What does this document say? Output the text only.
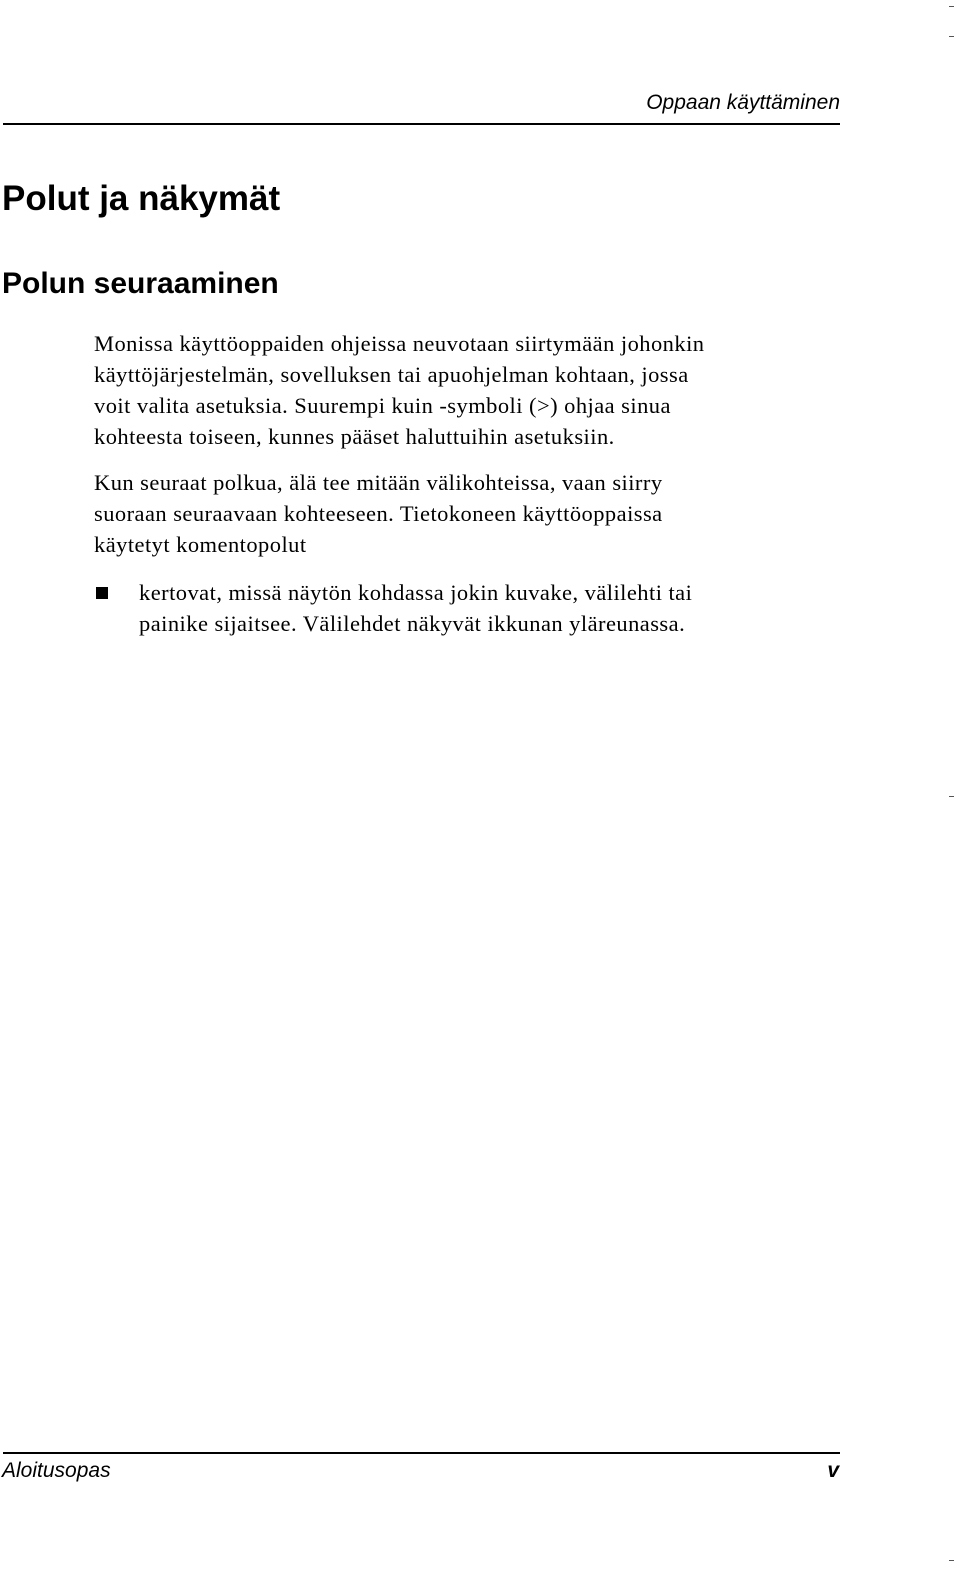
Oppaan käyttäminen
Polut ja näkymät
Polun seuraaminen

Monissa käyttöoppaiden ohjeissa neuvotaan siirtymään johonkin
käyttöjärjestelmän, sovelluksen tai apuohjelman kohtaan, jossa
voit valita asetuksia. Suurempi kuin -symboli (>) ohjaa sinua
kohteesta toiseen, kunnes pääset haluttuihin asetuksiin.

Kun seuraat polkua, älä tee mitään välikohteissa, vaan siirry
suoraan seuraavaan kohteeseen. Tietokoneen käyttöoppaissa
käytetyt komentopolut

kertovat, missä näytön kohdassa jokin kuvake, välilehti tai
painike sijaitsee. Välilehdet näkyvät ikkunan yläreunassa.

Aloitusopas	v
